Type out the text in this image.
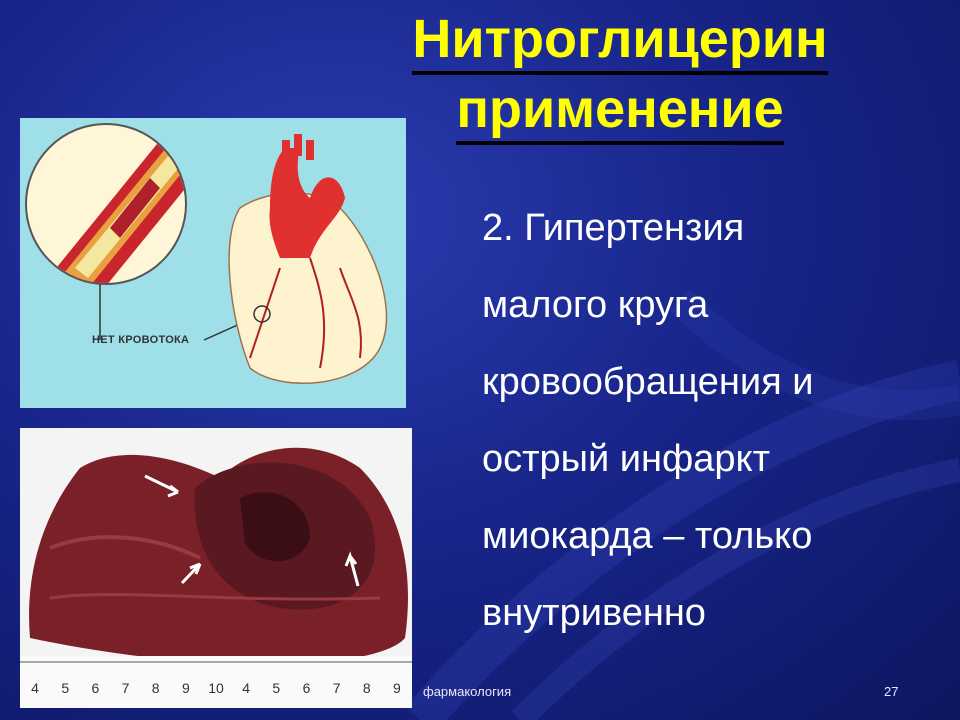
Нитроглицерин
применение
2. Гипертензия
малого круга
кровообращения и
острый инфаркт
миокарда – только
внутривенно
НЕТ КРОВОТОКА
4	5	6	7	8	9	10	4	5	6	7	8	9	фармакология	27
